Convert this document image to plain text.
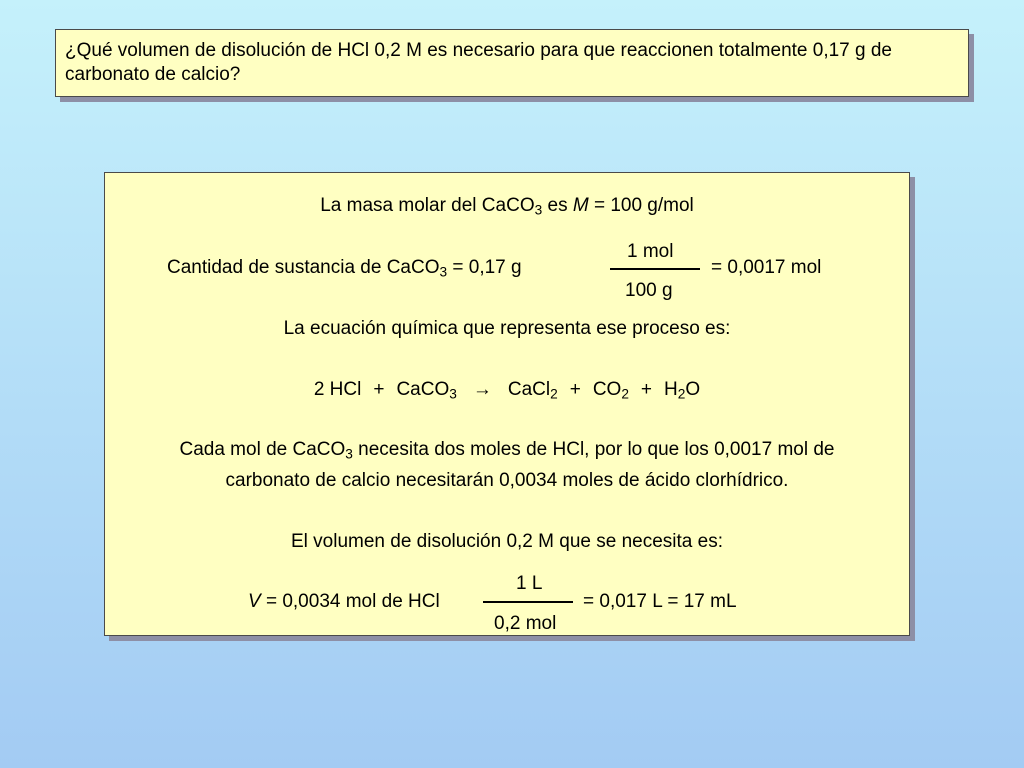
¿Qué volumen de disolución de HCl 0,2 M es necesario para que reaccionen totalmente 0,17 g de carbonato de calcio?

La masa molar del CaCO$_3$ es M = 100 g/mol
Cantidad de sustancia de CaCO$_3$ = 0,17 g
1 mol
100 g
= 0,0017 mol
La ecuación química que representa ese proceso es:
2 HCl + CaCO$_3$ → CaCl$_2$ + $CO_2 + H_2O$
Cada mol de CaCO$_3$ necesita dos moles de HCl, por lo que los 0,0017 mol de
carbonato de calcio necesitarán 0,0034 moles de ácido clorhídrico.
El volumen de disolución 0,2 M que se necesita es:
V = 0,0034 mol de HCl
1 L
0,2 mol
= 0,017 L = 17 mL
